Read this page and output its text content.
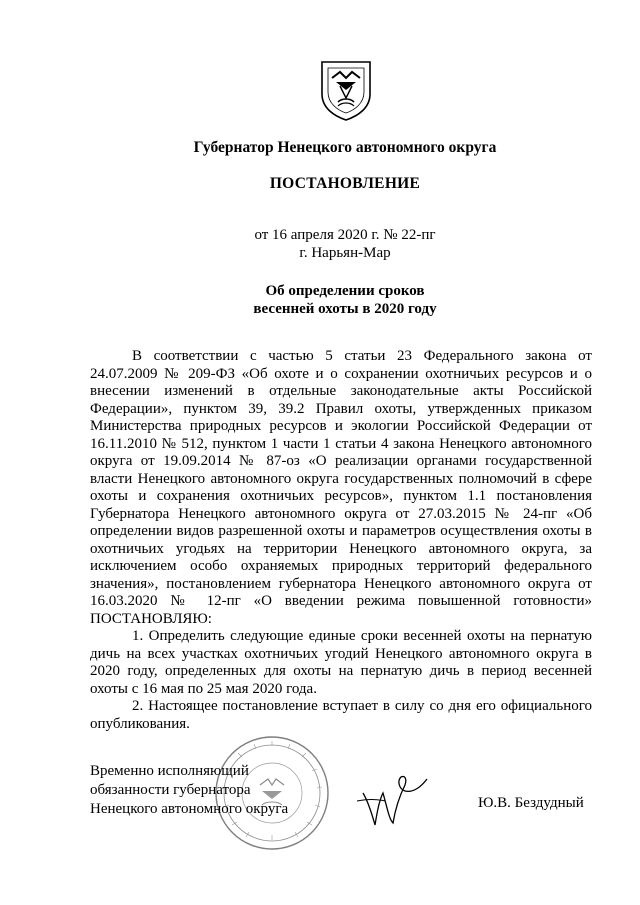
Губернатор Ненецкого автономного округа
ПОСТАНОВЛЕНИЕ
от 16 апреля 2020 г. № 22-пг
г. Нарьян-Мар
Об определении сроков
весенней охоты в 2020 году

В соответствии с частью 5 статьи 23 Федерального закона от 24.07.2009 № 209-ФЗ «Об охоте и о сохранении охотничьих ресурсов и о внесении изменений в отдельные законодательные акты Российской Федерации», пунктом 39, 39.2 Правил охоты, утвержденных приказом Министерства природных ресурсов и экологии Российской Федерации от 16.11.2010 № 512, пунктом 1 части 1 статьи 4 закона Ненецкого автономного округа от 19.09.2014 № 87-оз «О реализации органами государственной власти Ненецкого автономного округа государственных полномочий в сфере охоты и сохранения охотничьих ресурсов», пунктом 1.1 постановления Губернатора Ненецкого автономного округа от 27.03.2015 № 24-пг «Об определении видов разрешенной охоты и параметров осуществления охоты в охотничьих угодьях на территории Ненецкого автономного округа, за исключением особо охраняемых природных территорий федерального значения», постановлением губернатора Ненецкого автономного округа от 16.03.2020 № 12-пг «О введении режима повышенной готовности» ПОСТАНОВЛЯЮ:

1. Определить следующие единые сроки весенней охоты на пернатую дичь на всех участках охотничьих угодий Ненецкого автономного округа в 2020 году, определенных для охоты на пернатую дичь в период весенней охоты с 16 мая по 25 мая 2020 года.

2. Настоящее постановление вступает в силу со дня его официального опубликования.

Временно исполняющий
обязанности губернатора
Ненецкого автономного округа	Ю.В. Бездудный
